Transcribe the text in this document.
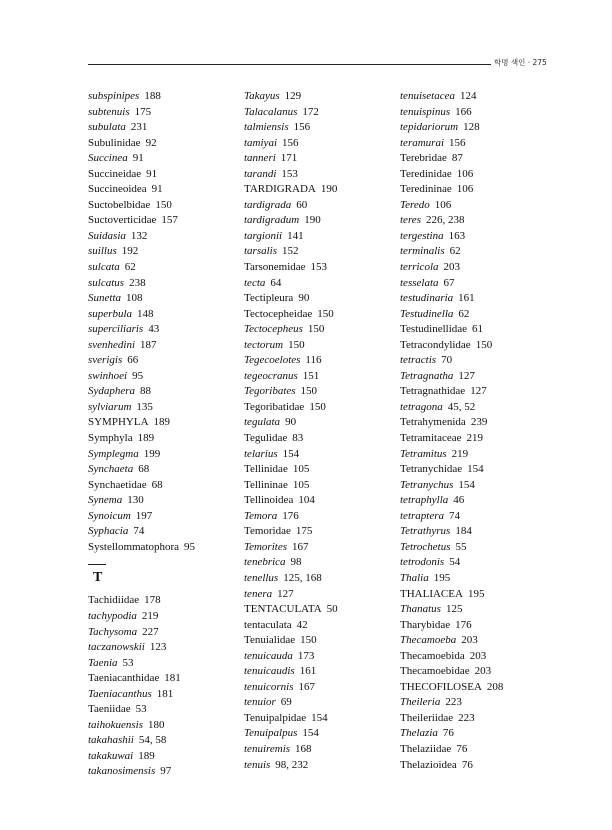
학명 색인 · 275
subspinipes 188
subtenuis 175
subulata 231
Subulinidae 92
Succinea 91
Succineidae 91
Succineoidea 91
Suctobelbidae 150
Suctoverticidae 157
Suidasia 132
suillus 192
sulcata 62
sulcatus 238
Sunetta 108
superbula 148
superciliaris 43
svenhedini 187
sverigis 66
swinhoei 95
Sydaphera 88
sylviarum 135
SYMPHYLA 189
Symphyla 189
Symplegma 199
Synchaeta 68
Synchaetidae 68
Synema 130
Synoicum 197
Syphacia 74
Systellommatophora 95
T
Tachidiidae 178
tachypodia 219
Tachysoma 227
taczanowskii 123
Taenia 53
Taeniacanthidae 181
Taeniacanthus 181
Taeniidae 53
taihokuensis 180
takahashii 54, 58
takakuwai 189
takanosimensis 97
Takayus 129
Talacalanus 172
talmiensis 156
tamiyai 156
tanneri 171
tarandi 153
TARDIGRADA 190
tardigrada 60
tardigradum 190
targionii 141
tarsalis 152
Tarsonemidae 153
tecta 64
Tectipleura 90
Tectocepheidae 150
Tectocepheus 150
tectorum 150
Tegecoelotes 116
tegeocranus 151
Tegoribates 150
Tegoribatidae 150
tegulata 90
Tegulidae 83
telarius 154
Tellinidae 105
Tellininae 105
Tellinoidea 104
Temora 176
Temoridae 175
Temorites 167
tenebrica 98
tenellus 125, 168
tenera 127
TENTACULATA 50
tentaculata 42
Tenuialidae 150
tenuicauda 173
tenuicaudis 161
tenuicornis 167
tenuior 69
Tenuipalpidae 154
Tenuipalpus 154
tenuiremis 168
tenuis 98, 232
tenuisetacea 124
tenuispinus 166
tepidariorum 128
teramurai 156
Terebridae 87
Teredinidae 106
Teredininae 106
Teredo 106
teres 226, 238
tergestina 163
terminalis 62
terricola 203
tesselata 67
testudinaria 161
Testudinella 62
Testudinellidae 61
Tetracondylidae 150
tetractis 70
Tetragnatha 127
Tetragnathidae 127
tetragona 45, 52
Tetrahymenida 239
Tetramitaceae 219
Tetramitus 219
Tetranychidae 154
Tetranychus 154
tetraphylla 46
tetraptera 74
Tetrathyrus 184
Tetrochetus 55
tetrodonis 54
Thalia 195
THALIACEA 195
Thanatus 125
Tharybidae 176
Thecamoeba 203
Thecamoebida 203
Thecamoebidae 203
THECOFILOSEA 208
Theileria 223
Theileriidae 223
Thelazia 76
Thelaziidae 76
Thelazioidea 76
